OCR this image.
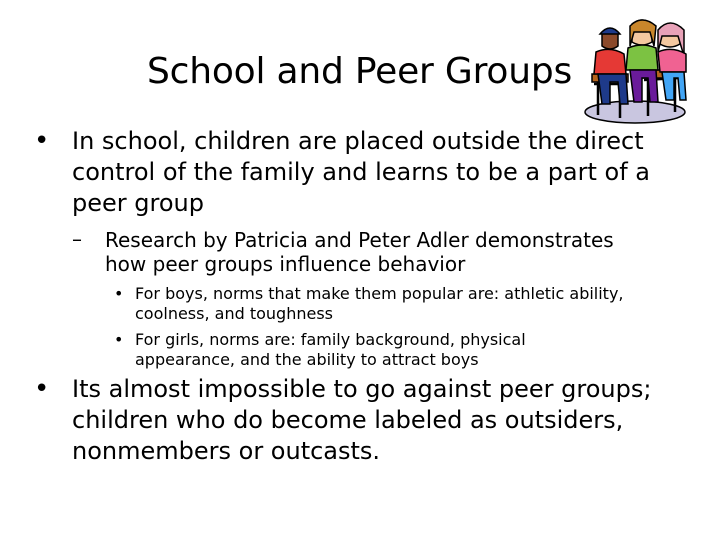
School and Peer Groups
• In school, children are placed outside the direct
control of the family and learns to be a part of a
peer group
– Research by Patricia and Peter Adler demonstrates
how peer groups influence behavior
• For boys, norms that make them popular are: athletic ability,
coolness, and toughness
• For girls, norms are: family background, physical
appearance, and the ability to attract boys
• Its almost impossible to go against peer groups;
children who do become labeled as outsiders,
nonmembers or outcasts.
